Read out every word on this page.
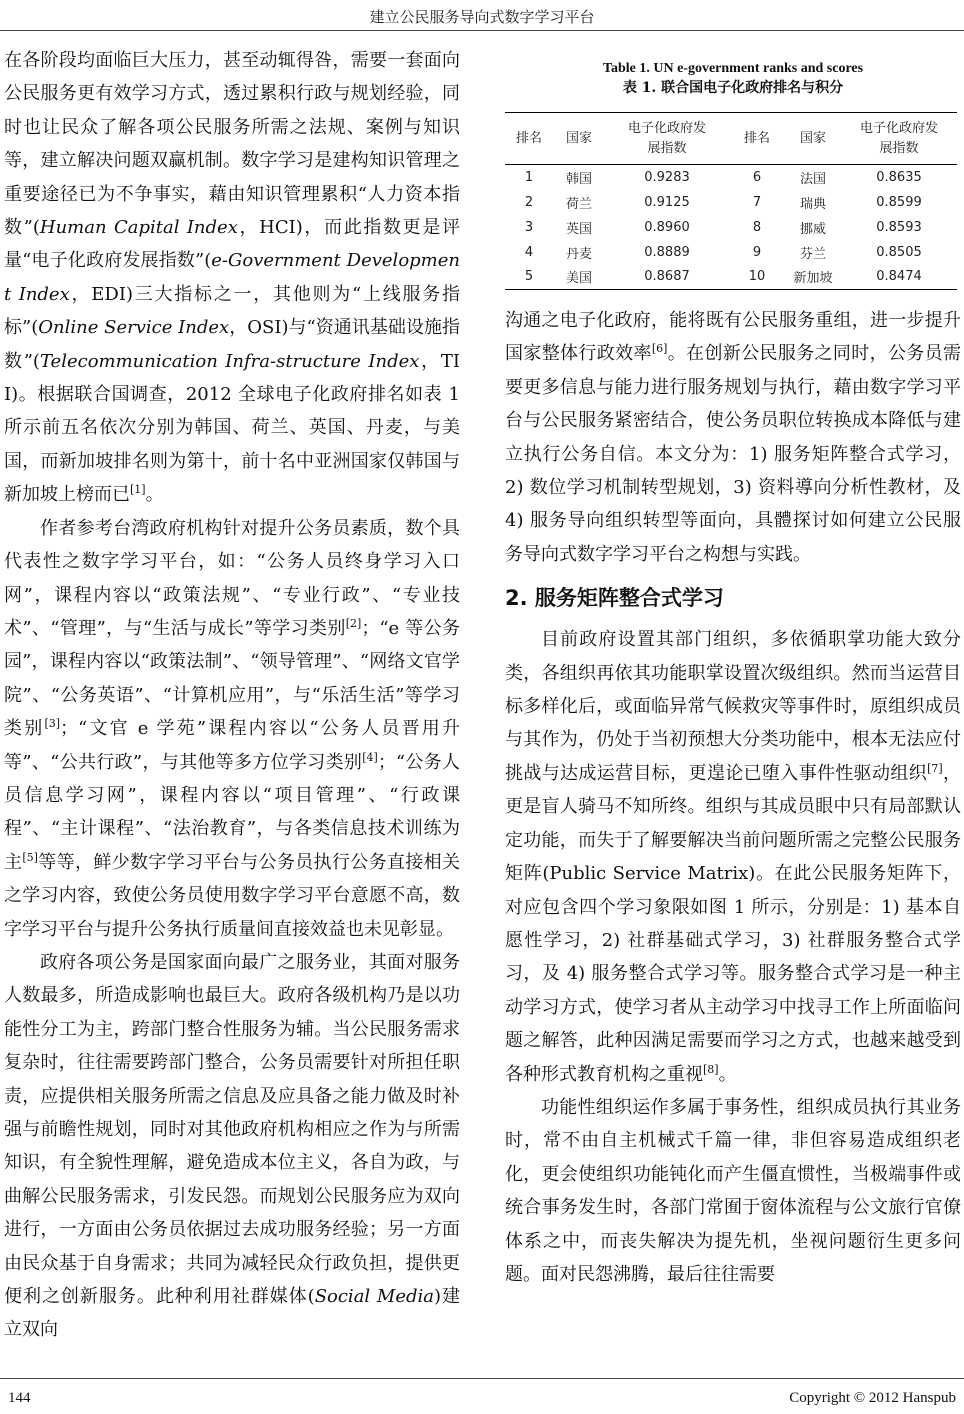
建立公民服务导向式数字学习平台

在各阶段均面临巨大压力，甚至动辄得咎，需要一套面向公民服务更有效学习方式，透过累积行政与规划经验，同时也让民众了解各项公民服务所需之法规、案例与知识等，建立解决问题双赢机制。数字学习是建构知识管理之重要途径已为不争事实，藉由知识管理累积“人力资本指数”(Human Capital Index，HCI)，而此指数更是评量“电子化政府发展指数”(e-Government Development Index，EDI)三大指标之一，其他则为“上线服务指标”(Online Service Index，OSI)与“资通讯基础设施指数”(Telecommunication Infra-structure Index，TII)。根据联合国调查，2012 全球电子化政府排名如表 1 所示前五名依次分别为韩国、荷兰、英国、丹麦，与美国，而新加坡排名则为第十，前十名中亚洲国家仅韩国与新加坡上榜而已[1]。

作者参考台湾政府机构针对提升公务员素质，数个具代表性之数字学习平台，如：“公务人员终身学习入口网”，课程内容以“政策法规”、“专业行政”、“专业技术”、“管理”，与“生活与成长”等学习类别[2]；“e 等公务园”，课程内容以“政策法制”、“领导管理”、“网络文官学院”、“公务英语”、“计算机应用”，与“乐活生活”等学习类别[3]；“文官 e 学苑”课程内容以“公务人员晋用升等”、“公共行政”，与其他等多方位学习类别[4]；“公务人员信息学习网”，课程内容以“项目管理”、“行政课程”、“主计课程”、“法治教育”，与各类信息技术训练为主[5]等等，鲜少数字学习平台与公务员执行公务直接相关之学习内容，致使公务员使用数字学习平台意愿不高，数字学习平台与提升公务执行质量间直接效益也未见彰显。

政府各项公务是国家面向最广之服务业，其面对服务人数最多，所造成影响也最巨大。政府各级机构乃是以功能性分工为主，跨部门整合性服务为辅。当公民服务需求复杂时，往往需要跨部门整合，公务员需要针对所担任职责，应提供相关服务所需之信息及应具备之能力做及时补强与前瞻性规划，同时对其他政府机构相应之作为与所需知识，有全貌性理解，避免造成本位主义，各自为政，与曲解公民服务需求，引发民怨。而规划公民服务应为双向进行，一方面由公务员依据过去成功服务经验；另一方面由民众基于自身需求；共同为减轻民众行政负担，提供更便利之创新服务。此种利用社群媒体(Social Media)建立双向

Table 1. UN e-government ranks and scores
表 1. 联合国电子化政府排名与积分
排名	国家	电子化政府发展指数	排名	国家	电子化政府发展指数

1	韩国	0.9283	6	法国	0.8635
2	荷兰	0.9125	7	瑞典	0.8599
3	英国	0.8960	8	挪威	0.8593
4	丹麦	0.8889	9	芬兰	0.8505
5	美国	0.8687	10	新加坡	0.8474

沟通之电子化政府，能将既有公民服务重组，进一步提升国家整体行政效率[6]。在创新公民服务之同时，公务员需要更多信息与能力进行服务规划与执行，藉由数字学习平台与公民服务紧密结合，使公务员职位转换成本降低与建立执行公务自信。本文分为：1) 服务矩阵整合式学习，2) 数位学习机制转型规划，3) 资料導向分析性教材，及 4) 服务导向组织转型等面向，具體探讨如何建立公民服务导向式数字学习平台之构想与实践。

2. 服务矩阵整合式学习

目前政府设置其部门组织，多依循职掌功能大致分类，各组织再依其功能职掌设置次级组织。然而当运营目标多样化后，或面临异常气候救灾等事件时，原组织成员与其作为，仍处于当初预想大分类功能中，根本无法应付挑战与达成运营目标，更遑论已堕入事件性驱动组织[7]，更是盲人骑马不知所终。组织与其成员眼中只有局部默认定功能，而失于了解要解决当前问题所需之完整公民服务矩阵(Public Service Matrix)。在此公民服务矩阵下，对应包含四个学习象限如图 1 所示，分别是：1) 基本自愿性学习，2) 社群基础式学习，3) 社群服务整合式学习，及 4) 服务整合式学习等。服务整合式学习是一种主动学习方式，使学习者从主动学习中找寻工作上所面临问题之解答，此种因满足需要而学习之方式，也越来越受到各种形式教育机构之重视[8]。

功能性组织运作多属于事务性，组织成员执行其业务时，常不由自主机械式千篇一律，非但容易造成组织老化，更会使组织功能钝化而产生僵直惯性，当极端事件或统合事务发生时，各部门常囿于窗体流程与公文旅行官僚体系之中，而丧失解决为提先机，坐视问题衍生更多问题。面对民怨沸腾，最后往往需要

144	Copyright © 2012 Hanspub
